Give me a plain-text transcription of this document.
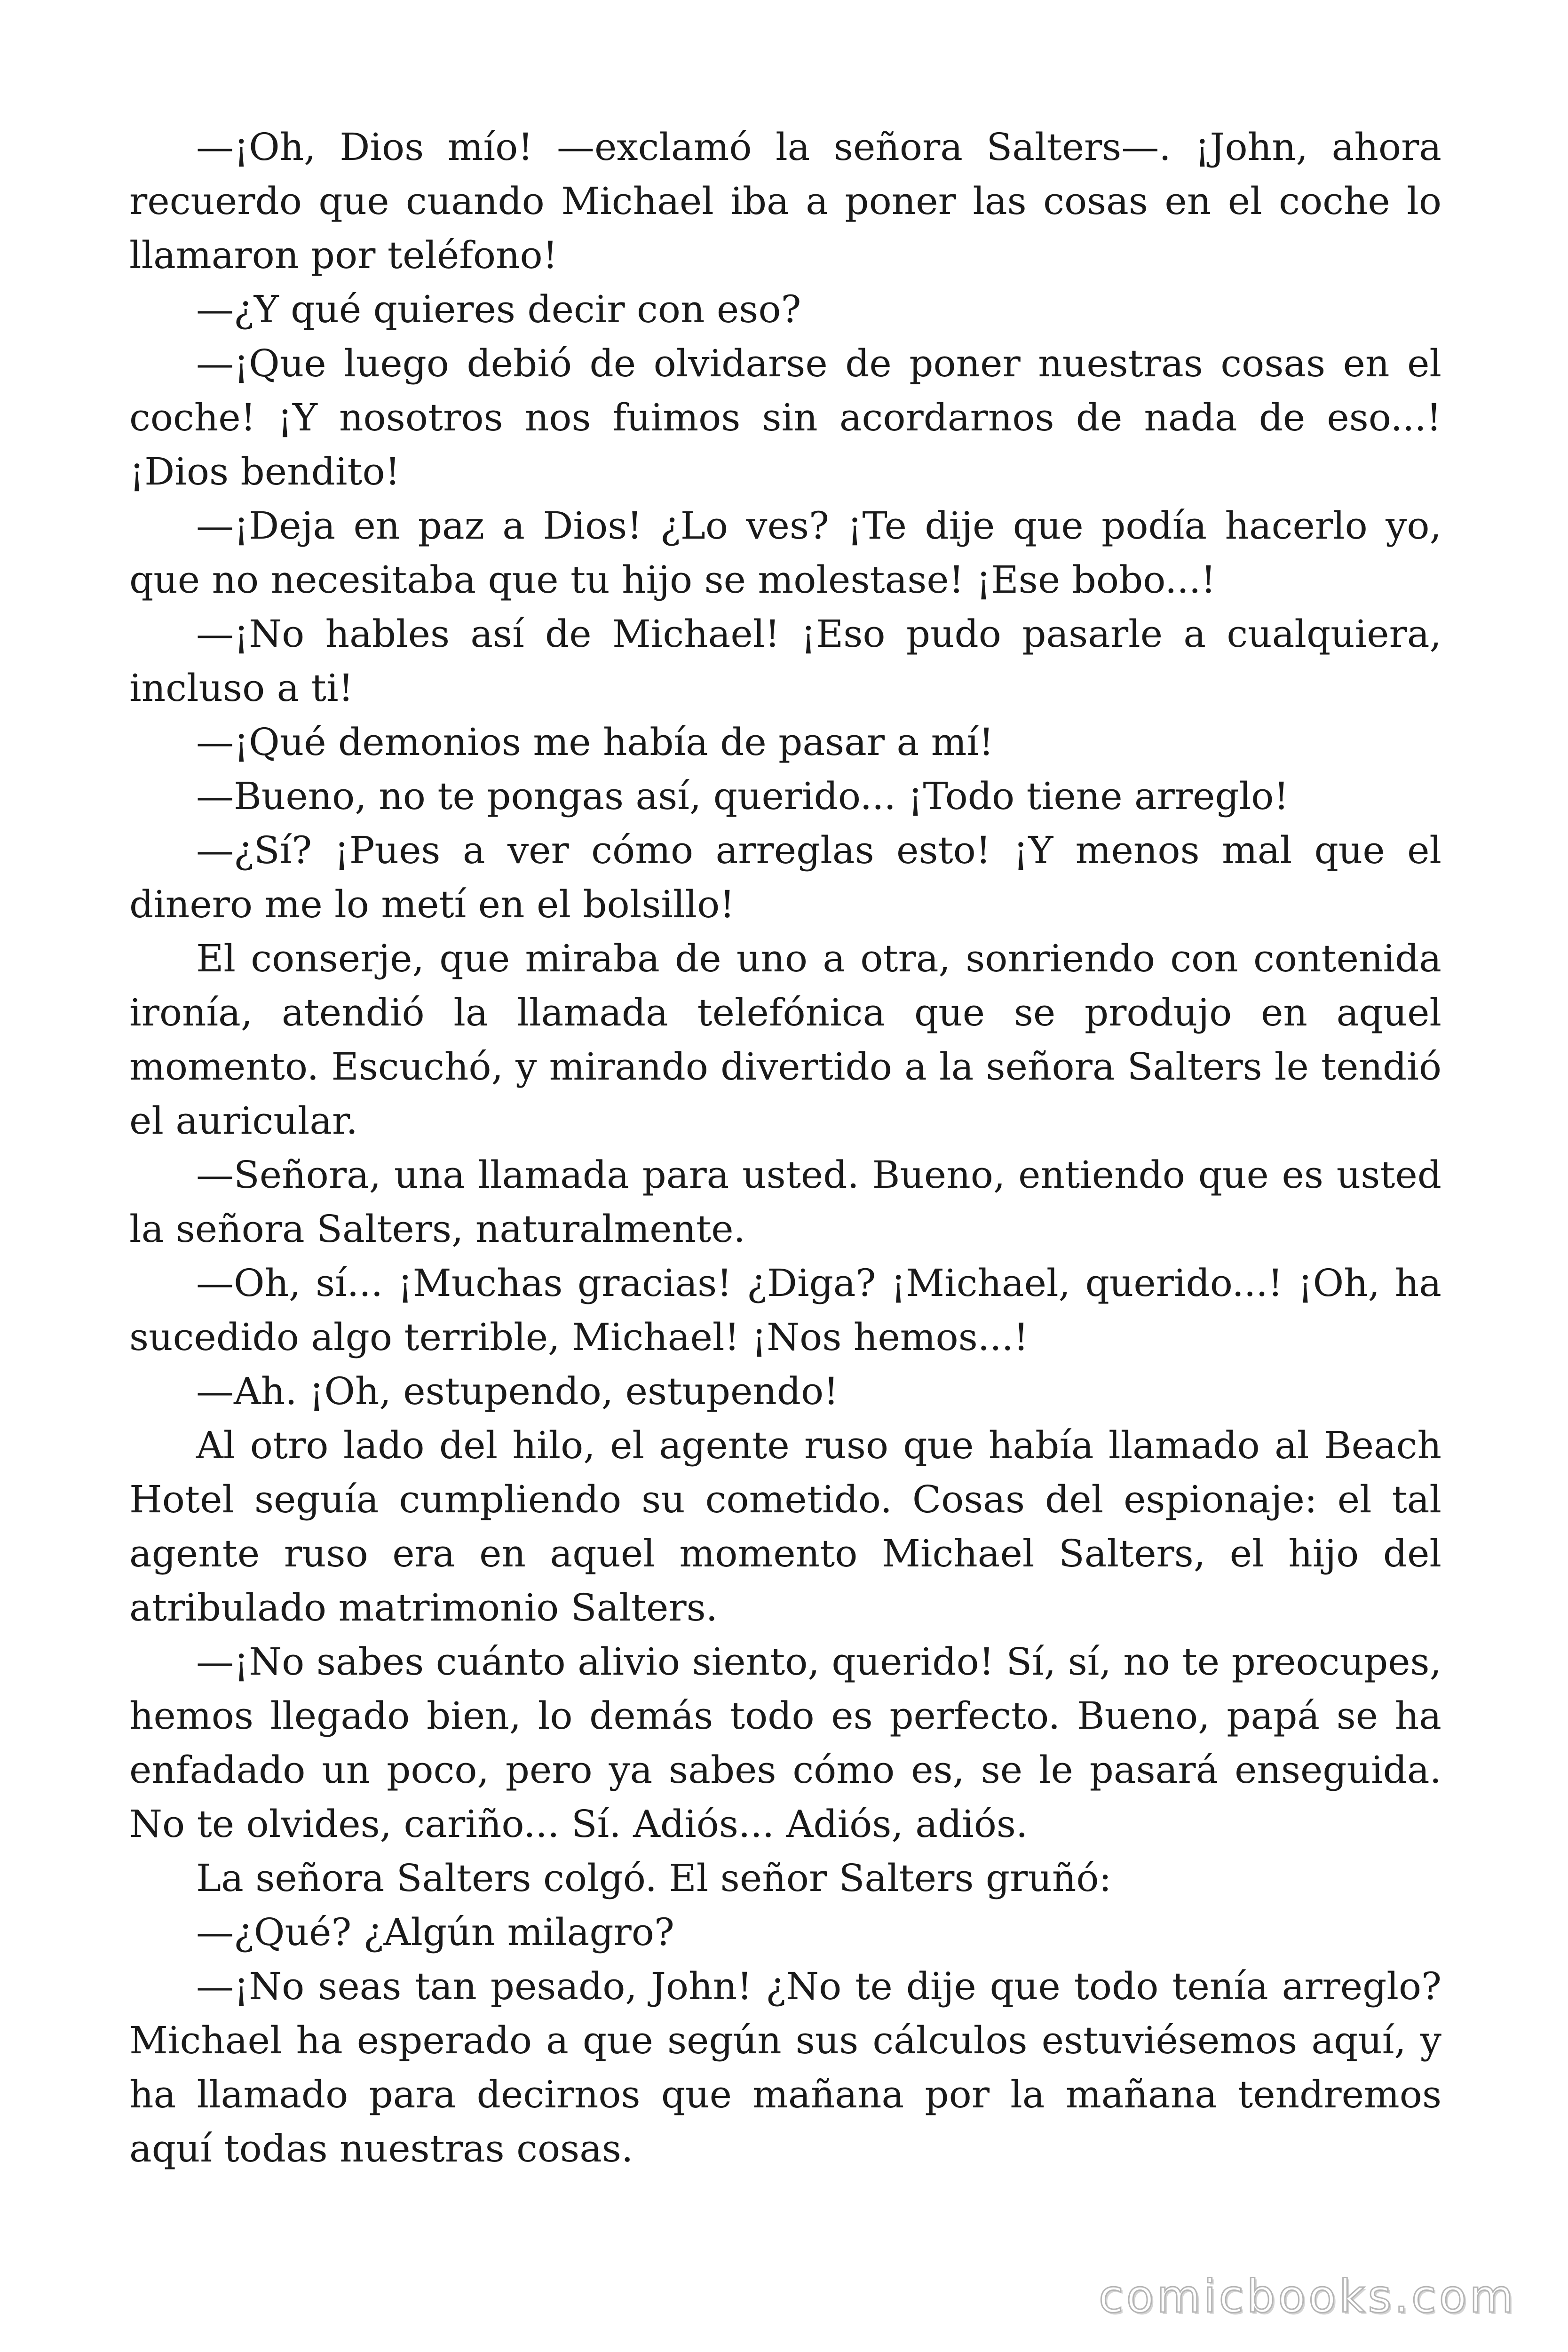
—¡Oh, Dios mío! —exclamó la señora Salters—. ¡John, ahora recuerdo que cuando Michael iba a poner las cosas en el coche lo llamaron por teléfono!

—¿Y qué quieres decir con eso?

—¡Que luego debió de olvidarse de poner nuestras cosas en el coche! ¡Y nosotros nos fuimos sin acordarnos de nada de eso...! ¡Dios bendito!

—¡Deja en paz a Dios! ¿Lo ves? ¡Te dije que podía hacerlo yo, que no necesitaba que tu hijo se molestase! ¡Ese bobo...!

—¡No hables así de Michael! ¡Eso pudo pasarle a cualquiera, incluso a ti!

—¡Qué demonios me había de pasar a mí!

—Bueno, no te pongas así, querido... ¡Todo tiene arreglo!

—¿Sí? ¡Pues a ver cómo arreglas esto! ¡Y menos mal que el dinero me lo metí en el bolsillo!

El conserje, que miraba de uno a otra, sonriendo con contenida ironía, atendió la llamada telefónica que se produjo en aquel momento. Escuchó, y mirando divertido a la señora Salters le tendió el auricular.

—Señora, una llamada para usted. Bueno, entiendo que es usted la señora Salters, naturalmente.

—Oh, sí... ¡Muchas gracias! ¿Diga? ¡Michael, querido...! ¡Oh, ha sucedido algo terrible, Michael! ¡Nos hemos...!

—Ah. ¡Oh, estupendo, estupendo!

Al otro lado del hilo, el agente ruso que había llamado al Beach Hotel seguía cumpliendo su cometido. Cosas del espionaje: el tal agente ruso era en aquel momento Michael Salters, el hijo del atribulado matrimonio Salters.

—¡No sabes cuánto alivio siento, querido! Sí, sí, no te preocupes, hemos llegado bien, lo demás todo es perfecto. Bueno, papá se ha enfadado un poco, pero ya sabes cómo es, se le pasará enseguida. No te olvides, cariño... Sí. Adiós... Adiós, adiós.

La señora Salters colgó. El señor Salters gruñó:

—¿Qué? ¿Algún milagro?

—¡No seas tan pesado, John! ¿No te dije que todo tenía arreglo? Michael ha esperado a que según sus cálculos estuviésemos aquí, y ha llamado para decirnos que mañana por la mañana tendremos aquí todas nuestras cosas.

comicbooks.com
